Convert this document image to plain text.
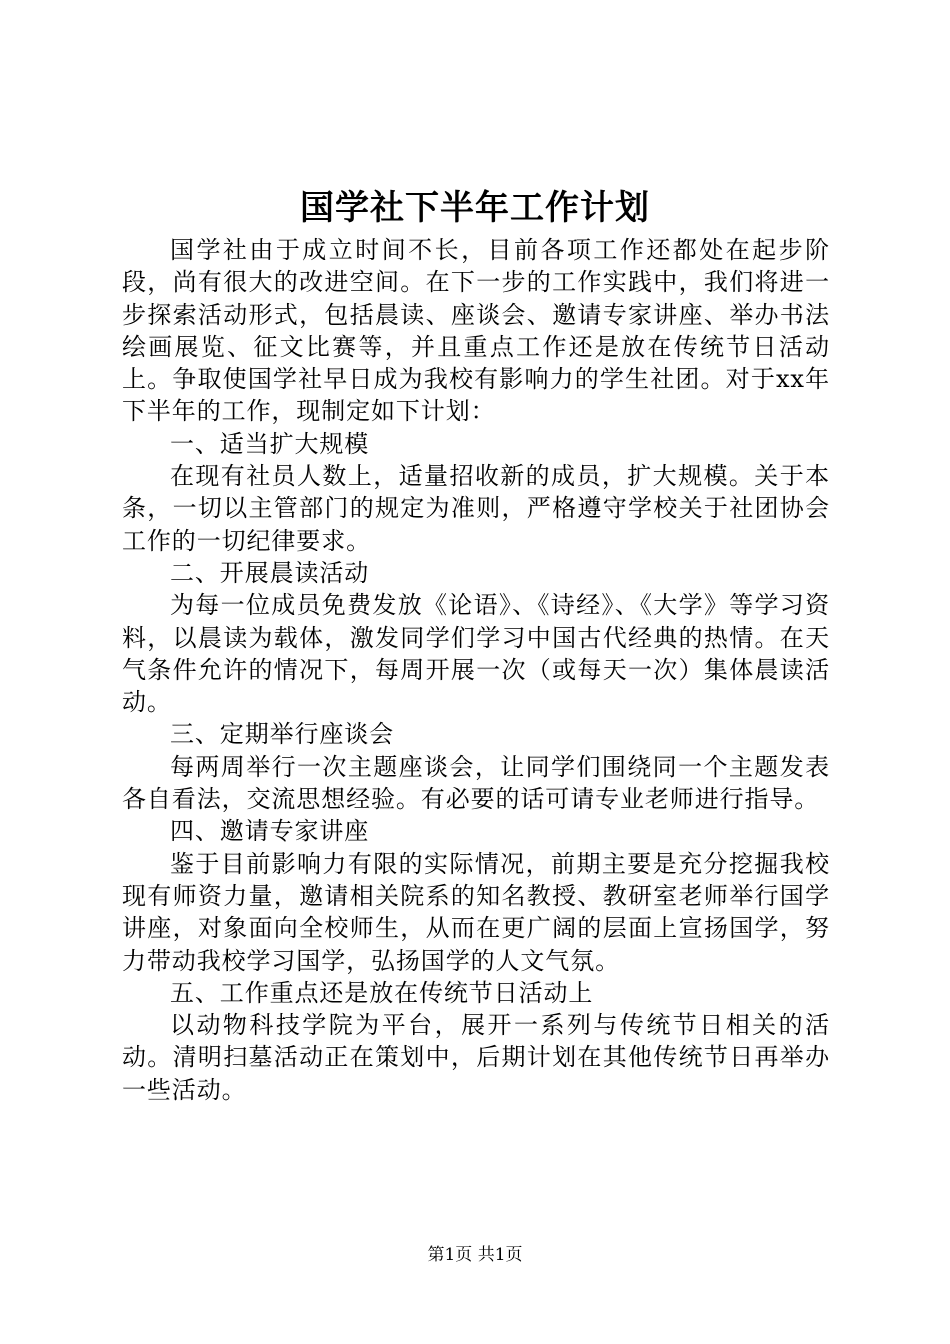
国学社下半年工作计划

国学社由于成立时间不长，目前各项工作还都处在起步阶段，尚有很大的改进空间。在下一步的工作实践中，我们将进一步探索活动形式，包括晨读、座谈会、邀请专家讲座、举办书法绘画展览、征文比赛等，并且重点工作还是放在传统节日活动上。争取使国学社早日成为我校有影响力的学生社团。对于xx年下半年的工作，现制定如下计划：

一、适当扩大规模

在现有社员人数上，适量招收新的成员，扩大规模。关于本条，一切以主管部门的规定为准则，严格遵守学校关于社团协会工作的一切纪律要求。

二、开展晨读活动

为每一位成员免费发放《论语》、《诗经》、《大学》等学习资料，以晨读为载体，激发同学们学习中国古代经典的热情。在天气条件允许的情况下，每周开展一次（或每天一次）集体晨读活动。

三、定期举行座谈会

每两周举行一次主题座谈会，让同学们围绕同一个主题发表各自看法，交流思想经验。有必要的话可请专业老师进行指导。

四、邀请专家讲座

鉴于目前影响力有限的实际情况，前期主要是充分挖掘我校现有师资力量，邀请相关院系的知名教授、教研室老师举行国学讲座，对象面向全校师生，从而在更广阔的层面上宣扬国学，努力带动我校学习国学，弘扬国学的人文气氛。

五、工作重点还是放在传统节日活动上

以动物科技学院为平台，展开一系列与传统节日相关的活动。清明扫墓活动正在策划中，后期计划在其他传统节日再举办一些活动。

第1页 共1页
